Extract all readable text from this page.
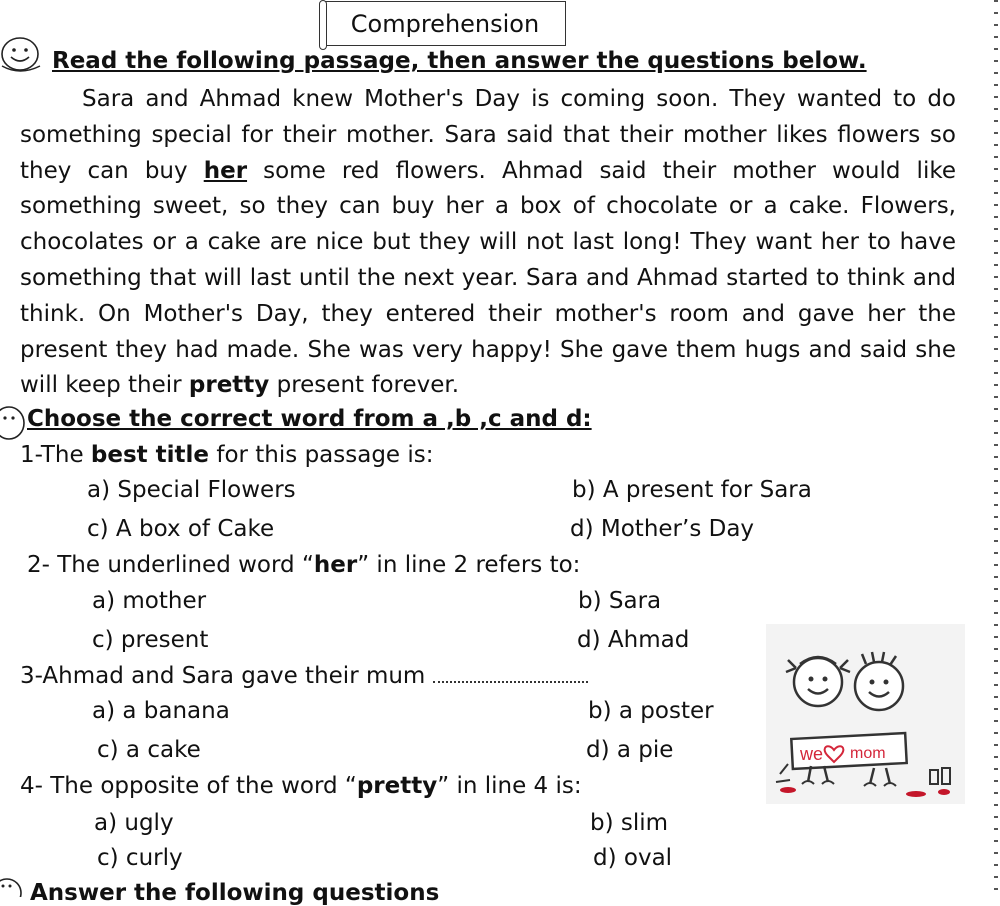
Comprehension
Read the following passage, then answer the questions below.

Sara and Ahmad knew Mother's Day is coming soon. They wanted to do something special for their mother. Sara said that their mother likes flowers so they can buy her some red flowers. Ahmad said their mother would like something sweet, so they can buy her a box of chocolate or a cake. Flowers, chocolates or a cake are nice but they will not last long! They want her to have something that will last until the next year. Sara and Ahmad started to think and think. On Mother's Day, they entered their mother's room and gave her the present they had made. She was very happy! She gave them hugs and said she will keep their pretty present forever.

Choose the correct word from a ,b ,c and d:
1-The best title for this passage is:
a) Special Flowers	b) A present for Sara
c) A box of Cake	d) Mother’s Day
2- The underlined word “her” in line 2 refers to:
a) mother	b) Sara
c) present	d) Ahmad
3-Ahmad and Sara gave their mum
a) a banana	b) a poster
c) a cake	d) a pie
4- The opposite of the word “pretty” in line 4 is:
a) ugly	b) slim
c) curly	d) oval
Answer the following questions
we mom
